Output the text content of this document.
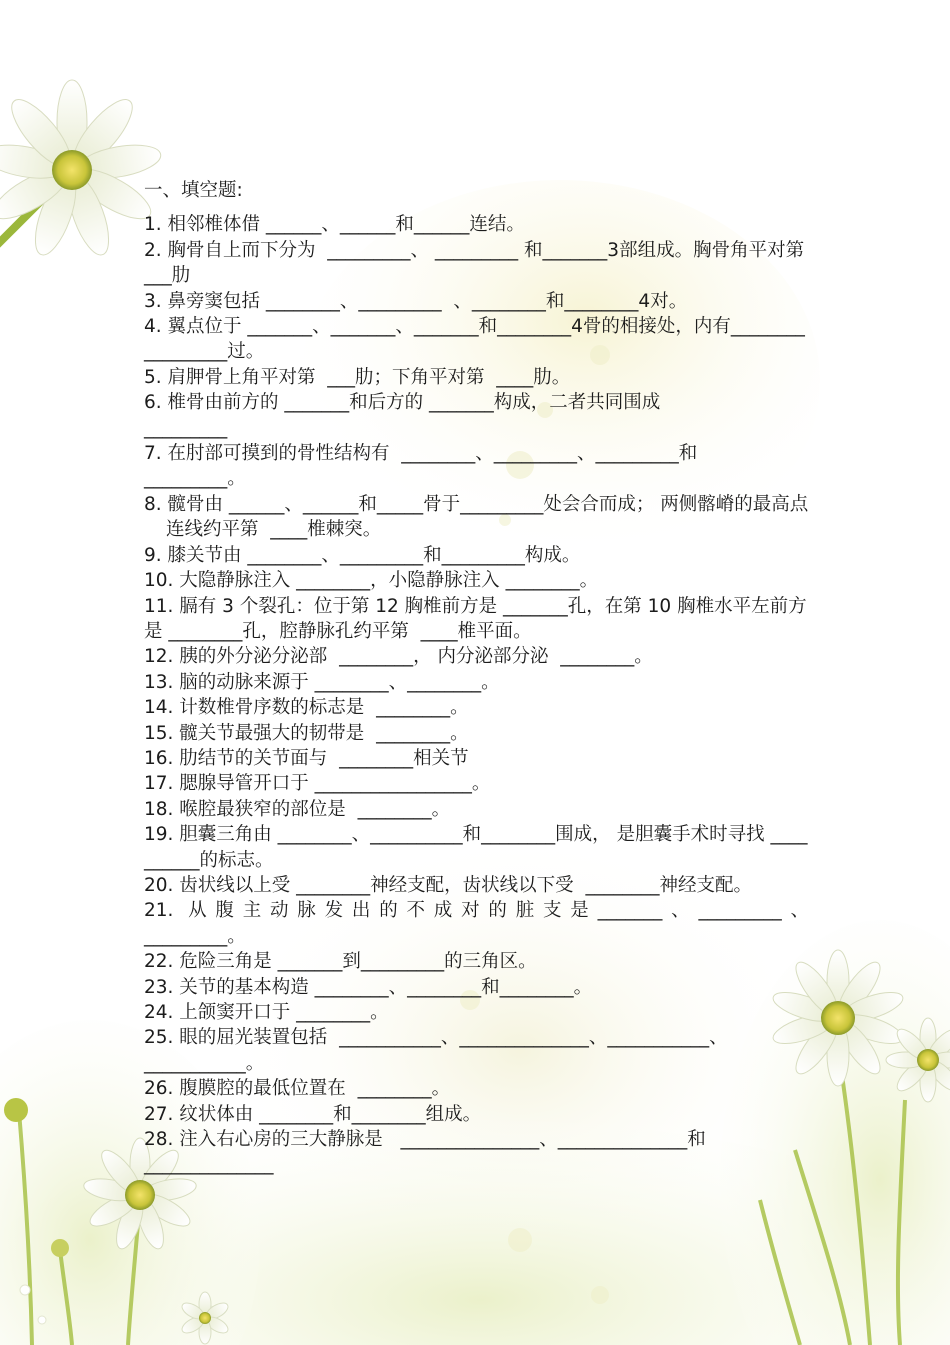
一、填空题:
1. 相邻椎体借 ______、______和______连结。
2. 胸骨自上而下分为  _________、 _________ 和_______3部组成。胸骨角平对第 ___肋
3. 鼻旁窦包括 ________、_________  、________和________4对。
4. 翼点位于 _______、_______、_______和________4骨的相接处，内有_________________过。
5. 肩胛骨上角平对第  ___肋；下角平对第  ____肋。
6. 椎骨由前方的 _______和后方的 _______构成，二者共同围成
_________
7. 在肘部可摸到的骨性结构有  ________、_________、_________和
_________。
8. 髋骨由 ______、______和_____骨于_________处会合而成； 两侧髂嵴的最高点连线约平第  ____椎棘突。
9. 膝关节由 ________、_________和_________构成。
10. 大隐静脉注入 ________，小隐静脉注入 ________。
11. 膈有 3 个裂孔：位于第 12 胸椎前方是 _______孔，在第 10 胸椎水平左前方是 ________孔，腔静脉孔约平第  ____椎平面。
12. 胰的外分泌分泌部  ________， 内分泌部分泌  ________。
13. 脑的动脉来源于 ________、________。
14. 计数椎骨序数的标志是  ________。
15. 髋关节最强大的韧带是  ________。
16. 肋结节的关节面与  ________相关节
17. 腮腺导管开口于 _________________。
18. 喉腔最狭窄的部位是  ________。
19. 胆囊三角由 ________、__________和________围成， 是胆囊手术时寻找 __________的标志。
20. 齿状线以上受 ________神经支配，齿状线以下受  ________神经支配。
21. 从腹主动脉发出的不成对的脏支是_______、_________、
_________。
22. 危险三角是 _______到_________的三角区。
23. 关节的基本构造 ________、________和________。
24. 上颌窦开口于 ________。
25. 眼的屈光装置包括  ___________、______________、___________、
___________。
26. 腹膜腔的最低位置在  ________。
27. 纹状体由 ________和________组成。
28. 注入右心房的三大静脉是   _______________、______________和
______________
